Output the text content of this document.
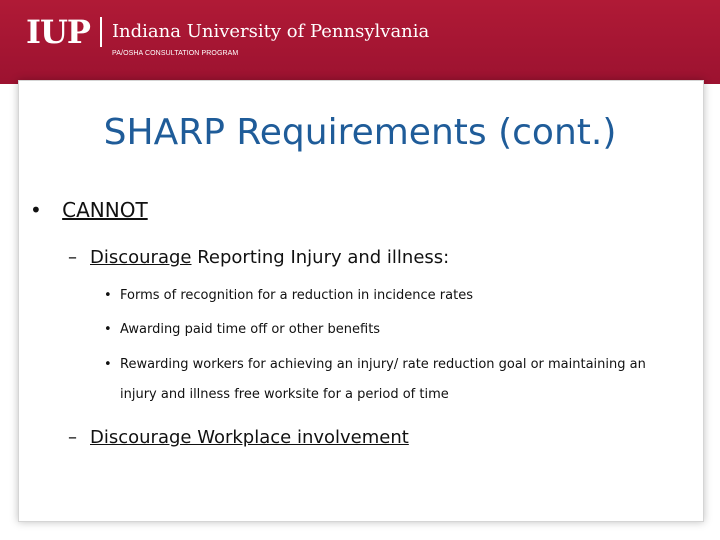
IUP Indiana University of Pennsylvania
PA/OSHA CONSULTATION PROGRAM
SHARP Requirements (cont.)
• CANNOT
– Discourage Reporting Injury and illness:
• Forms of recognition for a reduction in incidence rates
• Awarding paid time off or other benefits
• Rewarding workers for achieving an injury/ rate reduction goal or maintaining an
injury and illness free worksite for a period of time
– Discourage Workplace involvement
